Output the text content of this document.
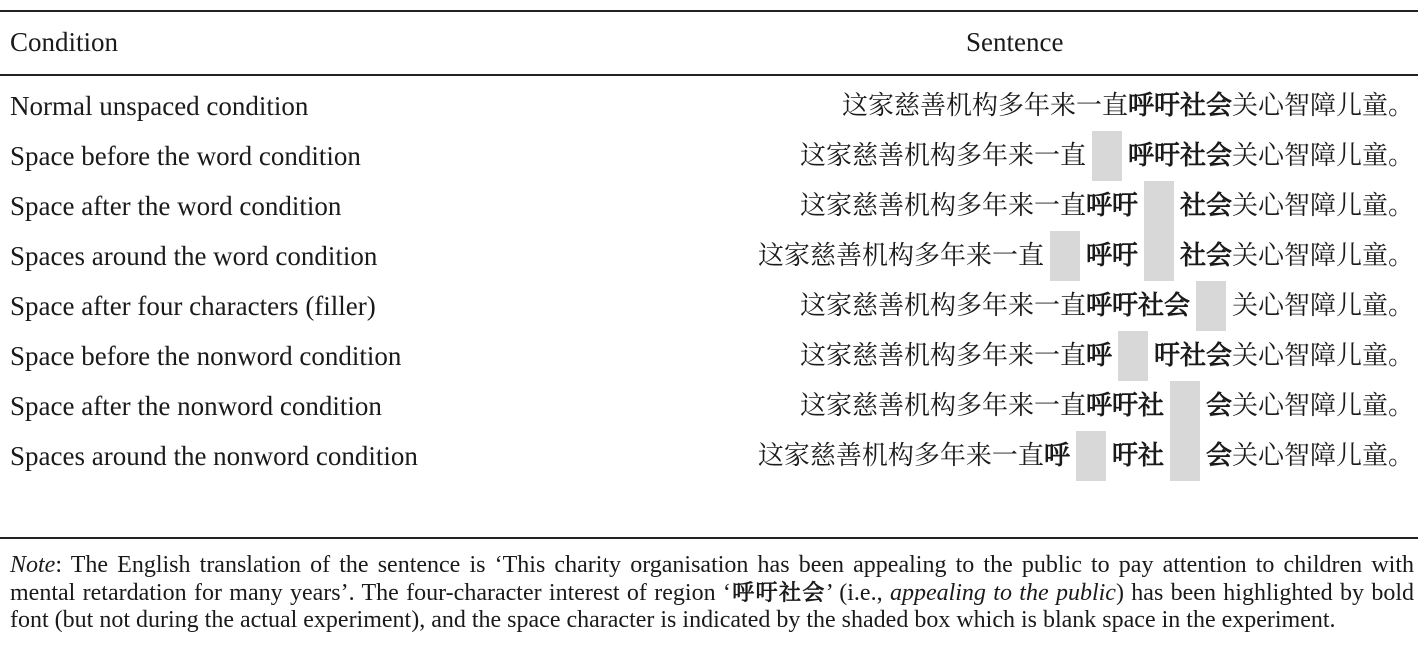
Condition	Sentence
Normal unspaced condition	这家慈善机构多年来一直 呼吁社会 关心智障儿童。
Space before the word condition	这家慈善机构多年来一直 呼吁社会 关心智障儿童。
Space after the word condition	这家慈善机构多年来一直 呼吁 社会 关心智障儿童。
Spaces around the word condition	这家慈善机构多年来一直 呼吁 社会 关心智障儿童。
Space after four characters (filler)	这家慈善机构多年来一直 呼吁社会 关心智障儿童。
Space before the nonword condition	这家慈善机构多年来一直 呼 吁社会 关心智障儿童。
Space after the nonword condition	这家慈善机构多年来一直 呼吁社 会 关心智障儿童。
Spaces around the nonword condition	这家慈善机构多年来一直 呼 吁社 会 关心智障儿童。
Note: The English translation of the sentence is ‘This charity organisation has been appealing to the public to pay attention to children with mental retardation for many years’. The four-character interest of region ‘呼吁社会’ (i.e., appealing to the public) has been highlighted by bold font (but not during the actual experiment), and the space character is indicated by the shaded box which is blank space in the experiment.
